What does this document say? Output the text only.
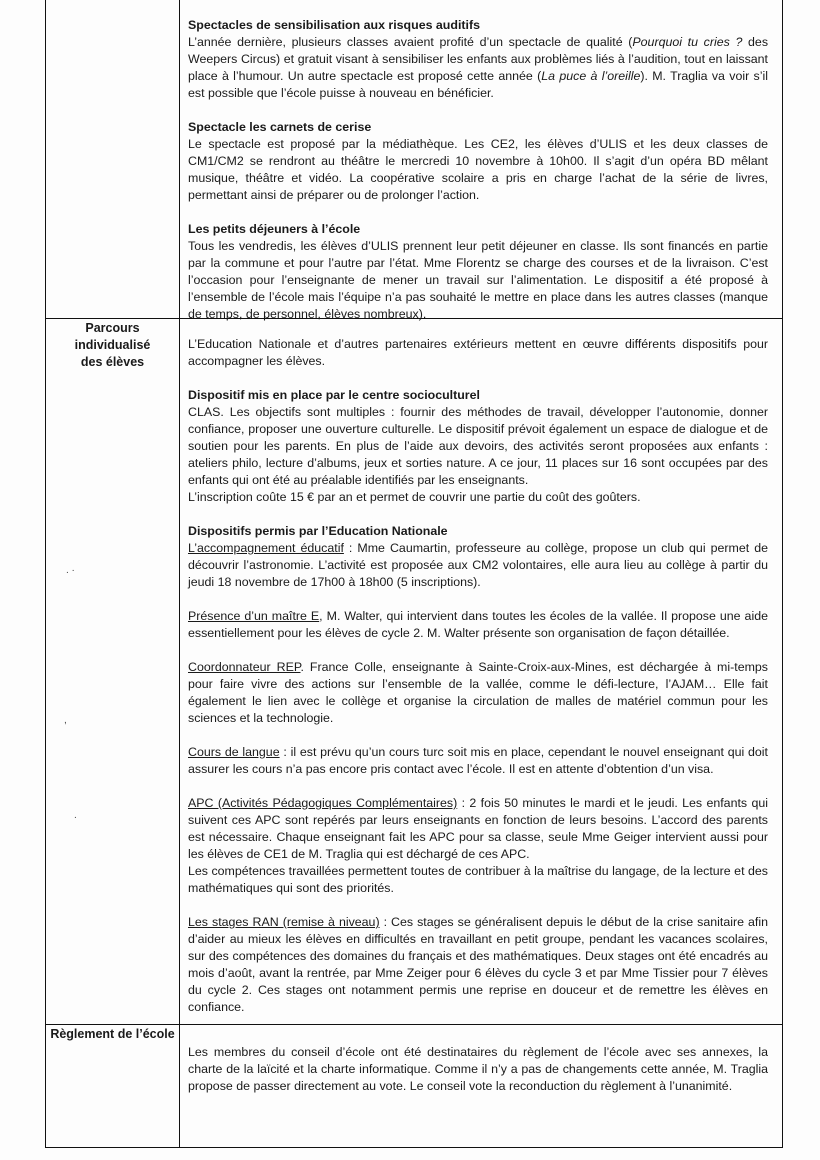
Parcours individualisé des élèves
Règlement de l’école

Spectacles de sensibilisation aux risques auditifs

L’année dernière, plusieurs classes avaient profité d’un spectacle de qualité (Pourquoi tu cries ? des Weepers Circus) et gratuit visant à sensibiliser les enfants aux problèmes liés à l’audition, tout en laissant place à l’humour. Un autre spectacle est proposé cette année (La puce à l’oreille). M. Traglia va voir s’il est possible que l’école puisse à nouveau en bénéficier.

Spectacle les carnets de cerise

Le spectacle est proposé par la médiathèque. Les CE2, les élèves d’ULIS et les deux classes de CM1/CM2 se rendront au théâtre le mercredi 10 novembre à 10h00. Il s’agit d’un opéra BD mêlant musique, théâtre et vidéo. La coopérative scolaire a pris en charge l’achat de la série de livres, permettant ainsi de préparer ou de prolonger l’action.

Les petits déjeuners à l’école

Tous les vendredis, les élèves d’ULIS prennent leur petit déjeuner en classe. Ils sont financés en partie par la commune et pour l’autre par l’état. Mme Florentz se charge des courses et de la livraison. C’est l’occasion pour l’enseignante de mener un travail sur l’alimentation. Le dispositif a été proposé à l’ensemble de l’école mais l’équipe n’a pas souhaité le mettre en place dans les autres classes (manque de temps, de personnel, élèves nombreux).

L’Education Nationale et d’autres partenaires extérieurs mettent en œuvre différents dispositifs pour accompagner les élèves.

Dispositif mis en place par le centre socioculturel

CLAS. Les objectifs sont multiples : fournir des méthodes de travail, développer l’autonomie, donner confiance, proposer une ouverture culturelle. Le dispositif prévoit également un espace de dialogue et de soutien pour les parents. En plus de l’aide aux devoirs, des activités seront proposées aux enfants : ateliers philo, lecture d’albums, jeux et sorties nature. A ce jour, 11 places sur 16 sont occupées par des enfants qui ont été au préalable identifiés par les enseignants.

L’inscription coûte 15 € par an et permet de couvrir une partie du coût des goûters.

Dispositifs permis par l’Education Nationale

L’accompagnement éducatif : Mme Caumartin, professeure au collège, propose un club qui permet de découvrir l’astronomie. L’activité est proposée aux CM2 volontaires, elle aura lieu au collège à partir du jeudi 18 novembre de 17h00 à 18h00 (5 inscriptions).

Présence d’un maître E, M. Walter, qui intervient dans toutes les écoles de la vallée. Il propose une aide essentiellement pour les élèves de cycle 2. M. Walter présente son organisation de façon détaillée.

Coordonnateur REP. France Colle, enseignante à Sainte-Croix-aux-Mines, est déchargée à mi-temps pour faire vivre des actions sur l’ensemble de la vallée, comme le défi-lecture, l’AJAM… Elle fait également le lien avec le collège et organise la circulation de malles de matériel commun pour les sciences et la technologie.

Cours de langue : il est prévu qu’un cours turc soit mis en place, cependant le nouvel enseignant qui doit assurer les cours n’a pas encore pris contact avec l’école. Il est en attente d’obtention d’un visa.

APC (Activités Pédagogiques Complémentaires) : 2 fois 50 minutes le mardi et le jeudi. Les enfants qui suivent ces APC sont repérés par leurs enseignants en fonction de leurs besoins. L’accord des parents est nécessaire. Chaque enseignant fait les APC pour sa classe, seule Mme Geiger intervient aussi pour les élèves de CE1 de M. Traglia qui est déchargé de ces APC.

Les compétences travaillées permettent toutes de contribuer à la maîtrise du langage, de la lecture et des mathématiques qui sont des priorités.

Les stages RAN (remise à niveau) : Ces stages se généralisent depuis le début de la crise sanitaire afin d’aider au mieux les élèves en difficultés en travaillant en petit groupe, pendant les vacances scolaires, sur des compétences des domaines du français et des mathématiques. Deux stages ont été encadrés au mois d’août, avant la rentrée, par Mme Zeiger pour 6 élèves du cycle 3 et par Mme Tissier pour 7 élèves du cycle 2. Ces stages ont notamment permis une reprise en douceur et de remettre les élèves en confiance.

Les membres du conseil d’école ont été destinataires du règlement de l’école avec ses annexes, la charte de la laïcité et la charte informatique. Comme il n’y a pas de changements cette année, M. Traglia propose de passer directement au vote. Le conseil vote la reconduction du règlement à l’unanimité.

. ·
,
.
